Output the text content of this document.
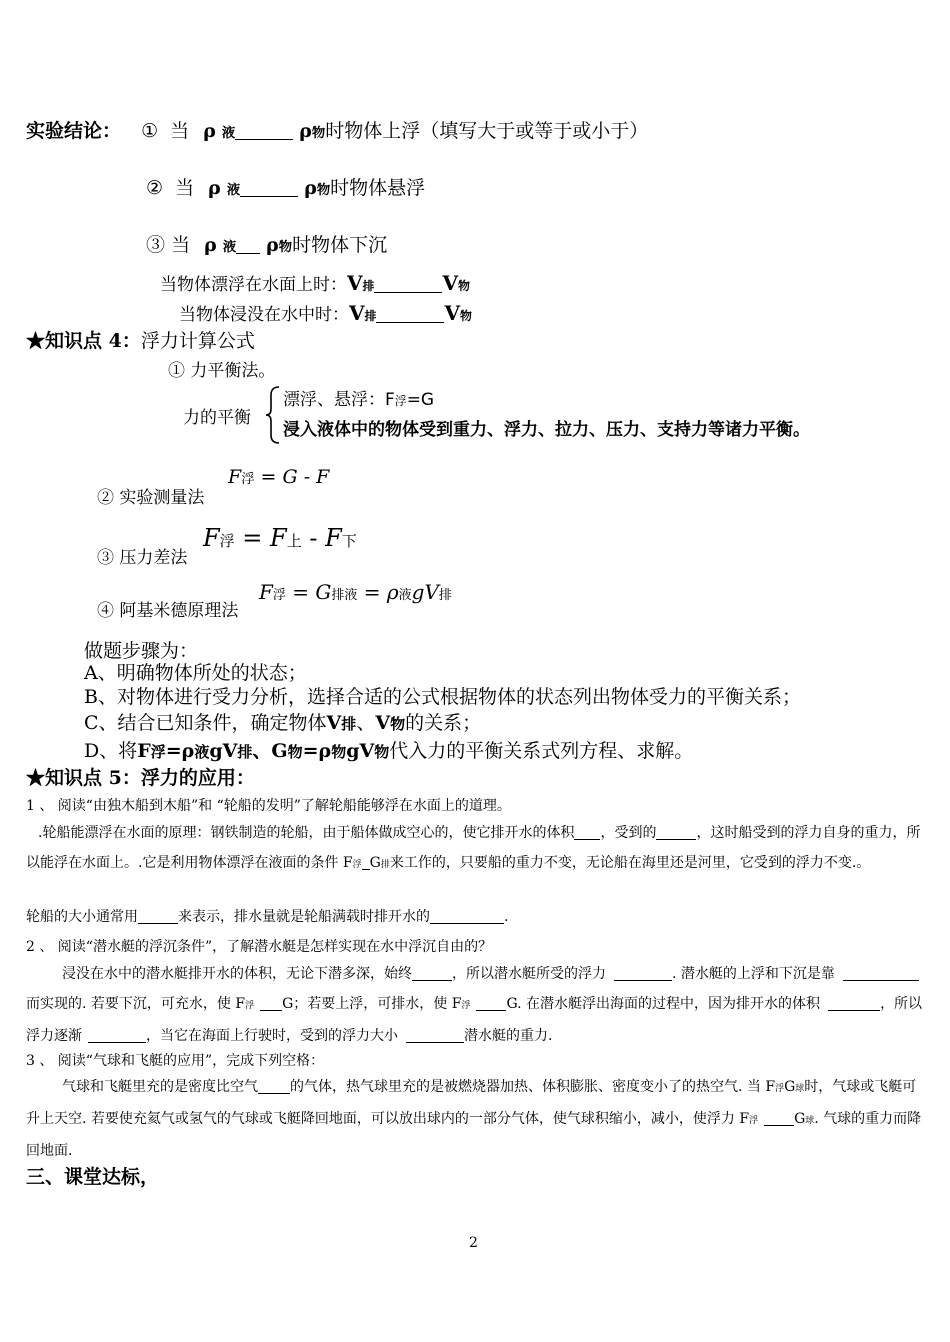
实验结论： ① 当 ρ 液	ρ物时物体上浮（填写大于或等于或小于）
② 当 ρ 液	ρ物时物体悬浮
③ 当 ρ 液 ρ物时物体下沉
当物体漂浮在水面上时：V排	V物
当物体浸没在水中时：V排	V物
★知识点 4：浮力计算公式
① 力平衡法。
力的平衡
漂浮、悬浮：F浮=G
浸入液体中的物体受到重力、浮力、拉力、压力、支持力等诸力平衡。
② 实验测量法
F浮 = G - F
③ 压力差法
F浮 = F上 - F下
④ 阿基米德原理法
F浮 = G排液 = ρ液gV排
做题步骤为：
A、明确物体所处的状态；
B、对物体进行受力分析，选择合适的公式根据物体的状态列出物体受力的平衡关系；
C、结合已知条件，确定物体V排、V物的关系；
D、将F浮=ρ液gV排、G物=ρ物gV物代入力的平衡关系式列方程、求解。
★知识点 5：浮力的应用：
1 、 阅读“由独木船到木船”和 “轮船的发明”了解轮船能够浮在水面上的道理。
.轮船能漂浮在水面的原理：钢铁制造的轮船，由于船体做成空心的，使它排开水的体积 ，受到的	，这时船受到的浮力自身的重力，所以能浮在水面上。.它是利用物体漂浮在液面的条件 F浮 G排来工作的，只要船的重力不变，无论船在海里还是河里，它受到的浮力不变.。
轮船的大小通常用	来表示，排水量就是轮船满载时排开水的	.
2 、 阅读“潜水艇的浮沉条件”，了解潜水艇是怎样实现在水中浮沉自由的？
浸没在水中的潜水艇排开水的体积，无论下潜多深，始终	，所以潜水艇所受的浮力	. 潜水艇的上浮和下沉是靠而实现的. 若要下沉，可充水，使 F浮 G；若要上浮，可排水，使 F浮	G. 在潜水艇浮出海面的过程中，因为排开水的体积	，所以浮力逐渐	，当它在海面上行驶时，受到的浮力大小	潜水艇的重力.
3 、 阅读“气球和飞艇的应用”，完成下列空格：
气球和飞艇里充的是密度比空气 的气体，热气球里充的是被燃烧器加热、体积膨胀、密度变小了的热空气. 当 F浮G球时，气球或飞艇可升上天空. 若要使充氦气或氢气的气球或飞艇降回地面，可以放出球内的一部分气体，使气球积缩小，减小，使浮力 F浮	G球. 气球的重力而降回地面.
三、课堂达标，
2
